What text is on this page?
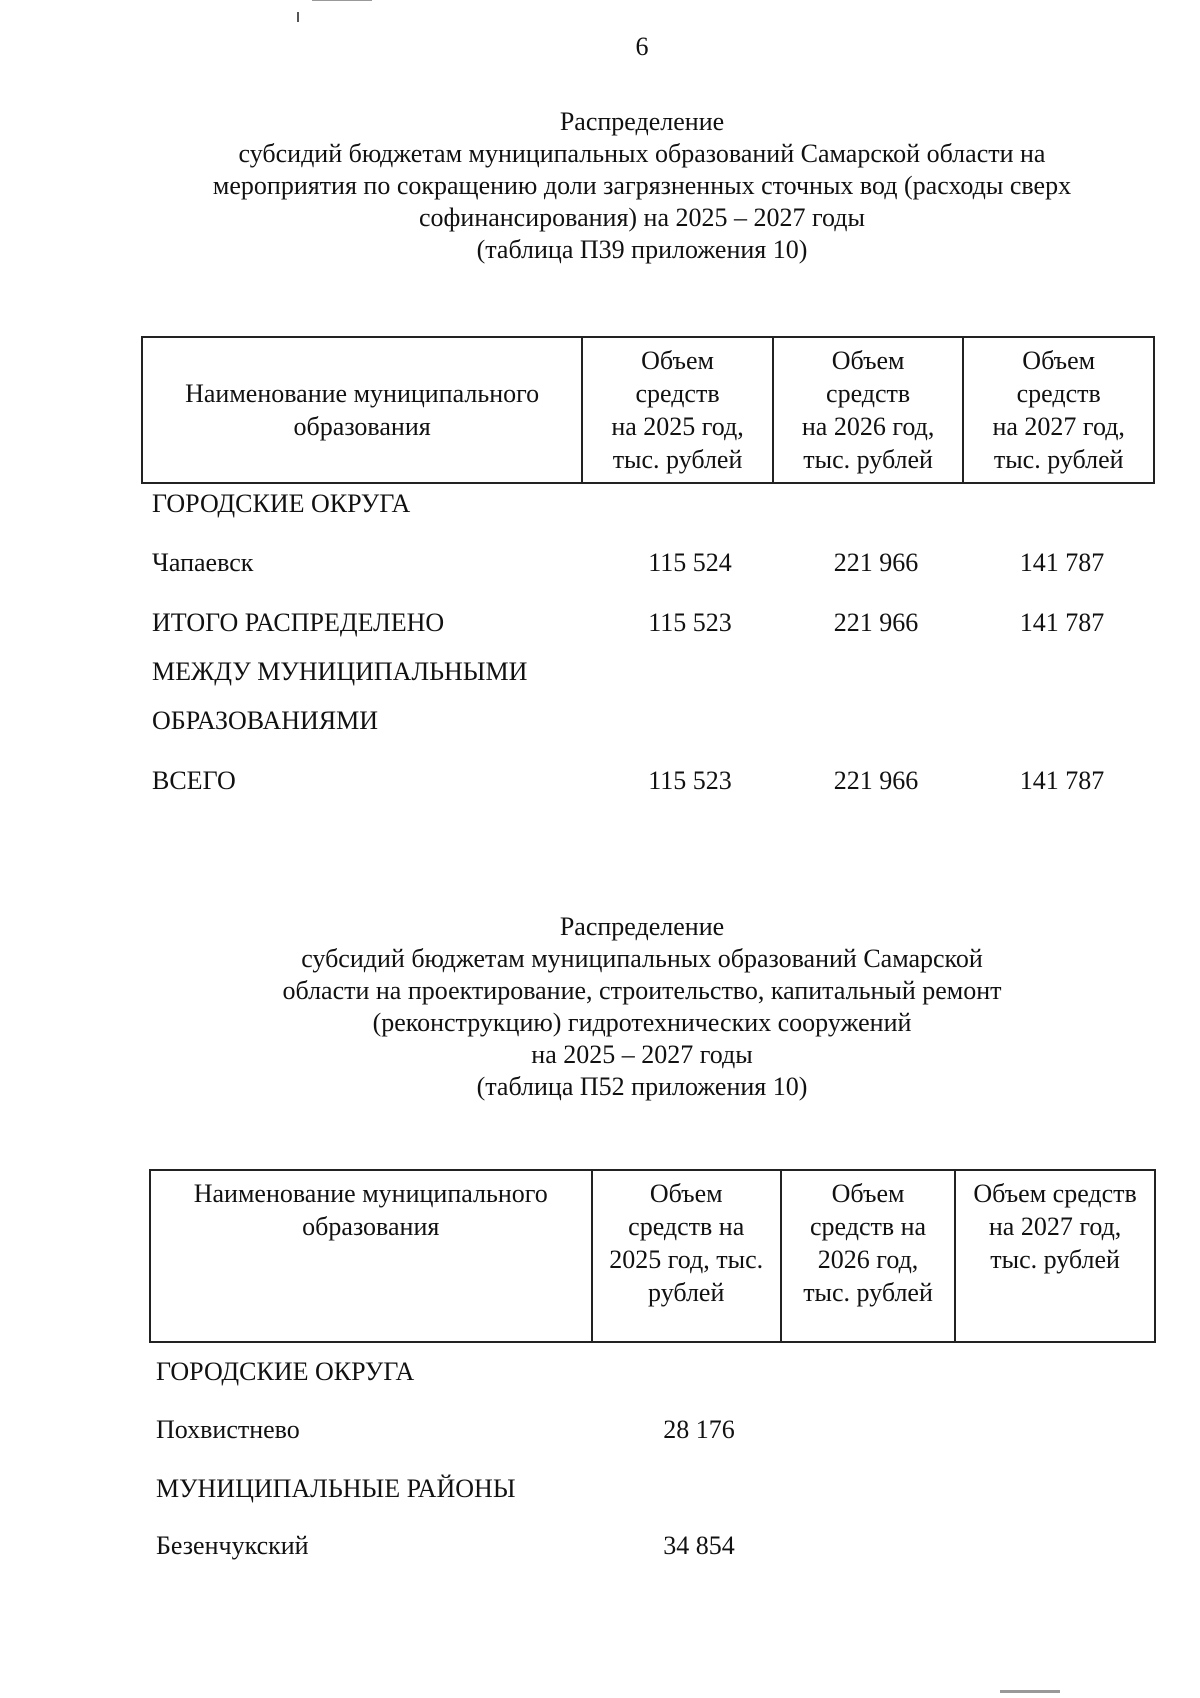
6
Распределение
субсидий бюджетам муниципальных образований Самарской области на
мероприятия по сокращению доли загрязненных сточных вод (расходы сверх
софинансирования) на 2025 – 2027 годы
(таблица П39 приложения 10)
Наименование муниципального
образования

Объем
средств
на 2025 год,
тыс. рублей

Объем
средств
на 2026 год,
тыс. рублей

Объем
средств
на 2027 год,
тыс. рублей
ГОРОДСКИЕ ОКРУГА
Чапаевск	115 524	221 966	141 787
ИТОГО РАСПРЕДЕЛЕНО	115 523	221 966	141 787
МЕЖДУ МУНИЦИПАЛЬНЫМИ
ОБРАЗОВАНИЯМИ
ВСЕГО	115 523	221 966	141 787
Распределение
субсидий бюджетам муниципальных образований Самарской
области на проектирование, строительство, капитальный ремонт
(реконструкцию) гидротехнических сооружений
на 2025 – 2027 годы
(таблица П52 приложения 10)
Наименование муниципального
образования

Объем
средств на
2025 год, тыс.
рублей

Объем
средств на
2026 год,
тыс. рублей

Объем средств
на 2027 год,
тыс. рублей
ГОРОДСКИЕ ОКРУГА
Похвистнево	28 176
МУНИЦИПАЛЬНЫЕ РАЙОНЫ
Безенчукский	34 854
